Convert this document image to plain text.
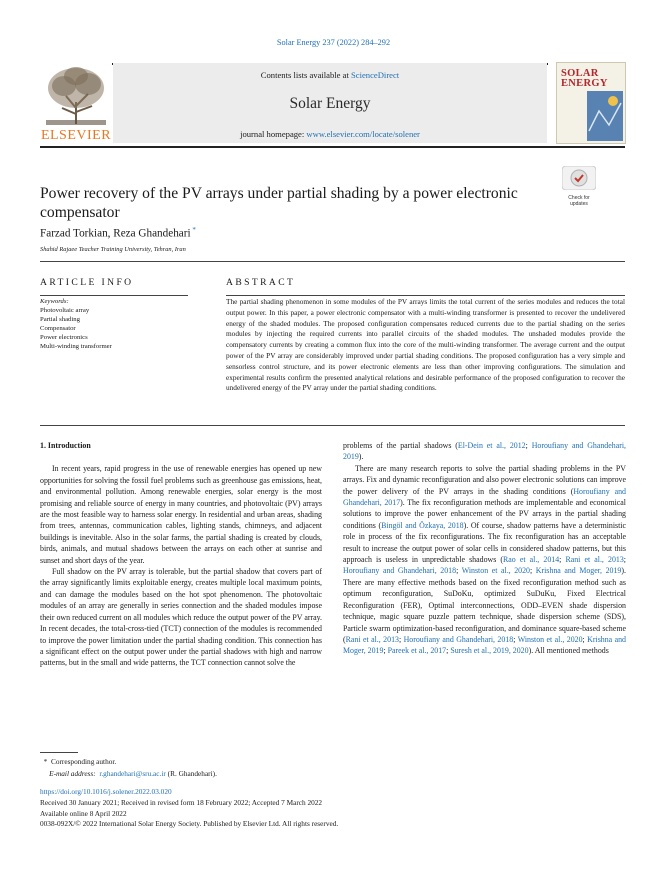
Solar Energy 237 (2022) 284–292
ELSEVIER
Contents lists available at ScienceDirect
Solar Energy
journal homepage: www.elsevier.com/locate/solener
SOLAR
ENERGY
Power recovery of the PV arrays under partial shading by a power electronic compensator
Check for
updates
Farzad Torkian, Reza Ghandehari *
Shahid Rajaee Teacher Training University, Tehran, Iran
ARTICLE INFO	ABSTRACT
Keywords:
Photovoltaic array
Partial shading
Compensator
Power electronics
Multi-winding transformer
The partial shading phenomenon in some modules of the PV arrays limits the total current of the series modules and reduces the total output power. In this paper, a power electronic compensator with a multi-winding transformer is presented to recover the undelivered energy of the shaded modules. The proposed configuration compensates reduced currents due to the partial shading on the series modules by injecting the required currents into parallel circuits of the shaded modules. The unshaded modules provide the compensatory currents by creating a common flux into the core of the multi-winding transformer. The average current and the output power of the PV array are considerably improved under partial shading conditions. The proposed configuration has a very simple and sensorless control structure, and its power electronic elements are less than other improving configurations. The simulation and experimental results confirm the presented analytical relations and desirable performance of the proposed configuration to recover the undelivered energy of the PV array under the partial shading conditions.

1. Introduction

In recent years, rapid progress in the use of renewable energies has opened up new opportunities for solving the fossil fuel problems such as greenhouse gas emissions, heat, and environmental pollution. Among renewable energies, solar energy is the most promising and reliable source of energy in many countries, and photovoltaic (PV) arrays are the most feasible way to harness solar energy. In residential and urban areas, shading from trees, antennas, communication cables, lighting stands, chimneys, and adjacent buildings is inevitable. Also in the solar farms, the partial shading is created by clouds, birds, animals, and mutual shadows between the arrays on each other at sunrise and sunset and short days of the year.

Full shadow on the PV array is tolerable, but the partial shadow that covers part of the array significantly limits exploitable energy, creates multiple local maximum points, and can damage the modules based on the hot spot phenomenon. The photovoltaic modules of an array are generally in series connection and the shaded modules impose their own reduced current on all modules which reduce the output power of the PV array. In recent decades, the total-cross-tied (TCT) connection of the modules is recommended to improve the power limitation under the partial shading condition. This connection has a significant effect on the output power under the partial shadows with high and narrow patterns, but in the small and wide patterns, the TCT connection cannot solve the

problems of the partial shadows (El-Dein et al., 2012; Horoufiany and Ghandehari, 2019).

There are many research reports to solve the partial shading problems in the PV arrays. Fix and dynamic reconfiguration and also power electronic solutions can improve the power delivery of the PV arrays in the shading conditions (Horoufiany and Ghandehari, 2017). The fix reconfiguration methods are implementable and economical solutions to improve the power enhancement of the PV arrays in the partial shading conditions (Bingöl and Özkaya, 2018). Of course, shadow patterns have a deterministic role in process of the fix reconfigurations. The fix reconfiguration has an acceptable result to increase the output power of solar cells in considered shadow patterns, but this approach is useless in unpredictable shadows (Rao et al., 2014; Rani et al., 2013; Horoufiany and Ghandehari, 2018; Winston et al., 2020; Krishna and Moger, 2019). There are many effective methods based on the fixed reconfiguration method such as optimum reconfiguration, SuDoKu, optimized SuDuKu, Fixed Electrical Reconfiguration (FER), Optimal interconnections, ODD–EVEN shade dispersion technique, magic square puzzle pattern technique, shade dispersion scheme (SDS), Particle swarm optimization-based reconfiguration, and dominance square-based scheme (Rani et al., 2013; Horoufiany and Ghandehari, 2018; Winston et al., 2020; Krishna and Moger, 2019; Pareek et al., 2017; Suresh et al., 2019, 2020). All mentioned methods

* Corresponding author.
E-mail address: r.ghandehari@sru.ac.ir (R. Ghandehari).
https://doi.org/10.1016/j.solener.2022.03.020
Received 30 January 2021; Received in revised form 18 February 2022; Accepted 7 March 2022
Available online 8 April 2022
0038-092X/© 2022 International Solar Energy Society. Published by Elsevier Ltd. All rights reserved.
